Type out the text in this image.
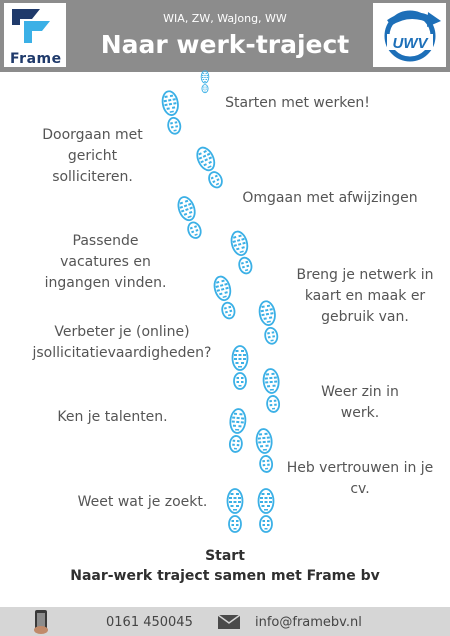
Frame
WIA, ZW, WaJong, WW
Naar werk-traject	UWV
Starten met werken!
Doorgaan met gericht solliciteren.
Omgaan met afwijzingen
Passende vacatures en ingangen vinden.	Breng je netwerk in kaart en maak er gebruik van.
Verbeter je (online) jsollicitatievaardigheden?
Weer zin in werk.
Ken je talenten.
Heb vertrouwen in je cv.
Weet wat je zoekt.
Start
Naar-werk traject samen met Frame bv
0161 450045	info@framebv.nl
